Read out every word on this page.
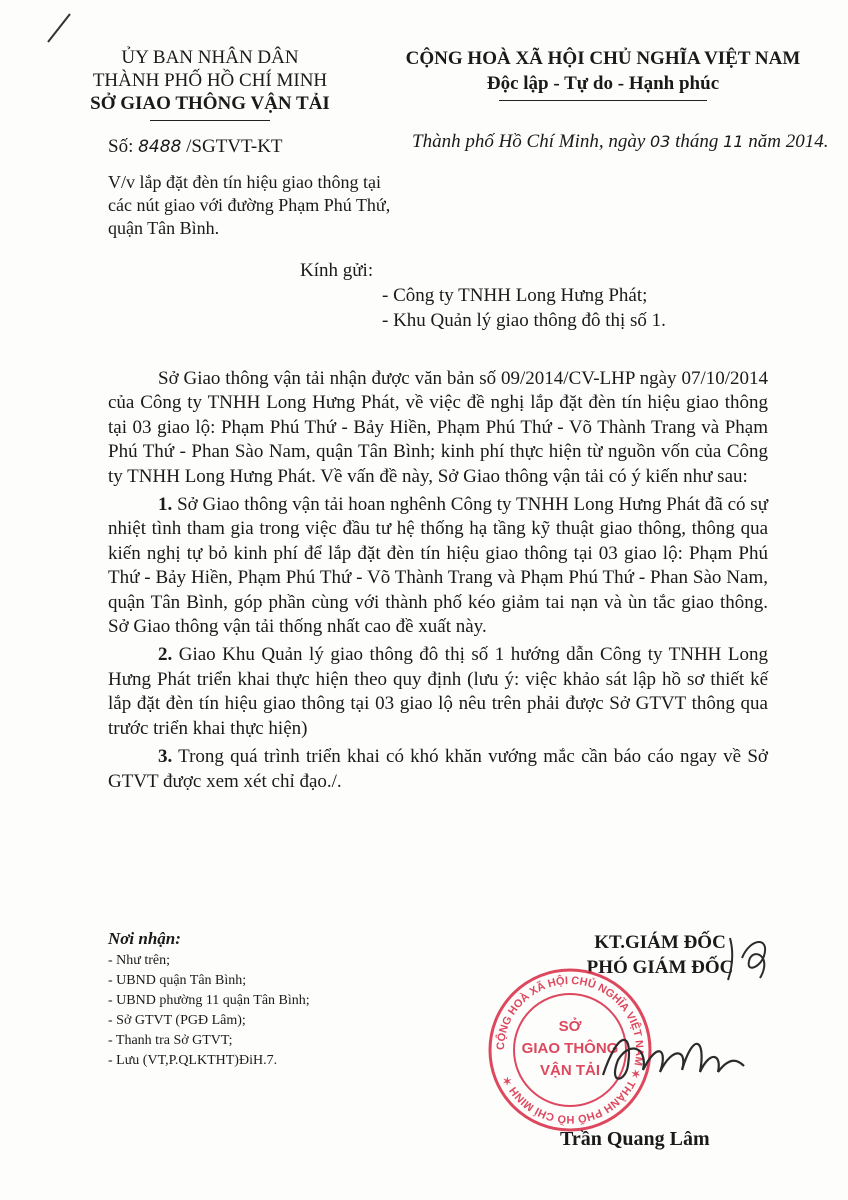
ỦY BAN NHÂN DÂN
THÀNH PHỐ HỒ CHÍ MINH
SỞ GIAO THÔNG VẬN TẢI
CỘNG HOÀ XÃ HỘI CHỦ NGHĨA VIỆT NAM
Độc lập - Tự do - Hạnh phúc
Số: 8488 /SGTVT-KT	Thành phố Hồ Chí Minh, ngày 03 tháng 11 năm 2014.
V/v lắp đặt đèn tín hiệu giao thông tại các nút giao với đường Phạm Phú Thứ, quận Tân Bình.
Kính gửi:
- Công ty TNHH Long Hưng Phát;
- Khu Quản lý giao thông đô thị số 1.

Sở Giao thông vận tải nhận được văn bản số 09/2014/CV-LHP ngày 07/10/2014 của Công ty TNHH Long Hưng Phát, về việc đề nghị lắp đặt đèn tín hiệu giao thông tại 03 giao lộ: Phạm Phú Thứ - Bảy Hiền, Phạm Phú Thứ - Võ Thành Trang và Phạm Phú Thứ - Phan Sào Nam, quận Tân Bình; kinh phí thực hiện từ nguồn vốn của Công ty TNHH Long Hưng Phát. Về vấn đề này, Sở Giao thông vận tải có ý kiến như sau:

1. Sở Giao thông vận tải hoan nghênh Công ty TNHH Long Hưng Phát đã có sự nhiệt tình tham gia trong việc đầu tư hệ thống hạ tầng kỹ thuật giao thông, thông qua kiến nghị tự bỏ kinh phí để lắp đặt đèn tín hiệu giao thông tại 03 giao lộ: Phạm Phú Thứ - Bảy Hiền, Phạm Phú Thứ - Võ Thành Trang và Phạm Phú Thứ - Phan Sào Nam, quận Tân Bình, góp phần cùng với thành phố kéo giảm tai nạn và ùn tắc giao thông. Sở Giao thông vận tải thống nhất cao đề xuất này.

2. Giao Khu Quản lý giao thông đô thị số 1 hướng dẫn Công ty TNHH Long Hưng Phát triển khai thực hiện theo quy định (lưu ý: việc khảo sát lập hồ sơ thiết kế lắp đặt đèn tín hiệu giao thông tại 03 giao lộ nêu trên phải được Sở GTVT thông qua trước triển khai thực hiện)

3. Trong quá trình triển khai có khó khăn vướng mắc cần báo cáo ngay về Sở GTVT được xem xét chỉ đạo./.

Nơi nhận:
- Như trên;
- UBND quận Tân Bình;
- UBND phường 11 quận Tân Bình;
- Sở GTVT (PGĐ Lâm);
- Thanh tra Sở GTVT;
- Lưu (VT,P.QLKTHT)ĐiH.7.
KT.GIÁM ĐỐC
PHÓ GIÁM ĐỐC
CỘNG HOÀ XÃ HỘI CHỦ NGHĨA VIỆT NAM ✶ THÀNH PHỐ HỒ CHÍ MINH ✶
SỞ
GIAO THÔNG
VẬN TẢI
Trần Quang Lâm
